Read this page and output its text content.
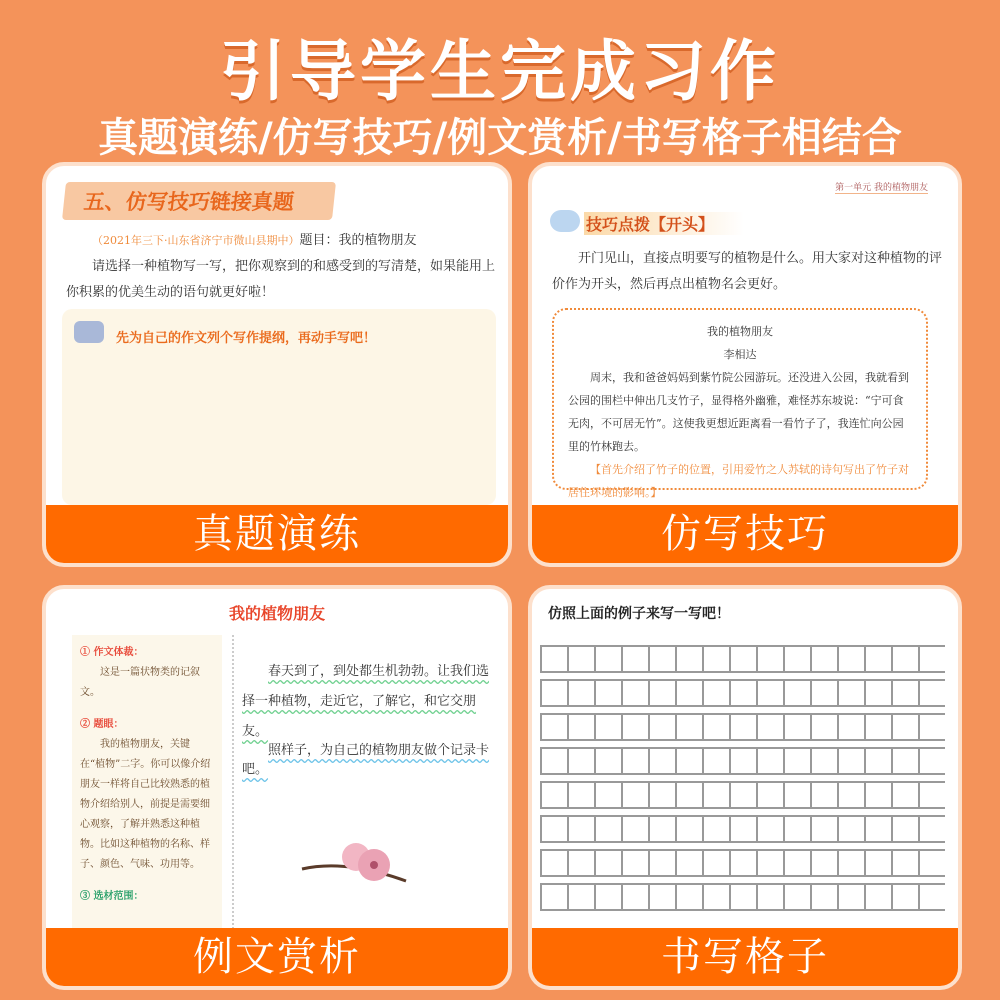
引导学生完成习作
真题演练/仿写技巧/例文赏析/书写格子相结合
五、仿写技巧链接真题
（2021年三下·山东省济宁市微山县期中）题目：我的植物朋友
请选择一种植物写一写，把你观察到的和感受到的写清楚，如果能用上你积累的优美生动的语句就更好啦！
先为自己的作文列个写作提纲，再动手写吧！
真题演练
第一单元 我的植物朋友
技巧点拨【开头】
开门见山，直接点明要写的植物是什么。用大家对这种植物的评价作为开头，然后再点出植物名会更好。
我的植物朋友
李相达
周末，我和爸爸妈妈到紫竹院公园游玩。还没进入公园，我就看到公园的围栏中伸出几支竹子，显得格外幽雅，难怪苏东坡说：“宁可食无肉，不可居无竹”。这使我更想近距离看一看竹子了，我连忙向公园里的竹林跑去。
【首先介绍了竹子的位置，引用爱竹之人苏轼的诗句写出了竹子对居住环境的影响。】
仿写技巧
我的植物朋友
① 作文体裁：
这是一篇状物类的记叙文。
② 题眼：
我的植物朋友，关键在“植物”二字。你可以像介绍朋友一样将自己比较熟悉的植物介绍给别人，前提是需要细心观察，了解并熟悉这种植物。比如这种植物的名称、样子、颜色、气味、功用等。
③ 选材范围：
春天到了，到处都生机勃勃。让我们选择一种植物，走近它，了解它，和它交朋友。
照样子，为自己的植物朋友做个记录卡吧。
例文赏析
仿照上面的例子来写一写吧！
书写格子
